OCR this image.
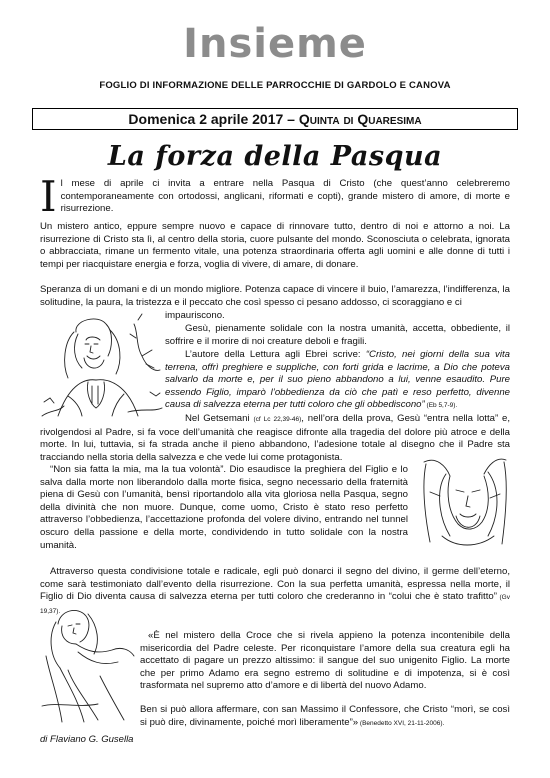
Insieme
FOGLIO DI INFORMAZIONE DELLE PARROCCHIE DI GARDOLO E CANOVA
Domenica 2 aprile 2017 – Quinta di Quaresima
La forza della Pasqua

Il mese di aprile ci invita a entrare nella Pasqua di Cristo (che quest’anno celebreremo contemporaneamente con ortodossi, anglicani, riformati e copti), grande mistero di amore, di morte e risurrezione.

Un mistero antico, eppure sempre nuovo e capace di rinnovare tutto, dentro di noi e attorno a noi. La risurrezione di Cristo sta lì, al centro della storia, cuore pulsante del mondo. Sconosciuta o celebrata, ignorata o abbracciata, rimane un fermento vitale, una potenza straordinaria offerta agli uomini e alle donne di tutti i tempi per riacquistare energia e forza, voglia di vivere, di amare, di donare.

Speranza di un domani e di un mondo migliore. Potenza capace di vincere il buio, l’amarezza, l’indifferenza, la solitudine, la paura, la tristezza e il peccato che così spesso ci pesano addosso, ci scoraggiano e ci

impauriscono.

Gesù, pienamente solidale con la nostra umanità, accetta, obbediente, il soffrire e il morire di noi creature deboli e fragili.

L’autore della Lettura agli Ebrei scrive: “Cristo, nei giorni della sua vita terrena, offrì preghiere e suppliche, con forti grida e lacrime, a Dio che poteva salvarlo da morte e, per il suo pieno abbandono a lui, venne esaudito. Pure essendo Figlio, imparò l’obbedienza da ciò che patì e reso perfetto, divenne causa di salvezza eterna per tutti coloro che gli obbediscono” (Eb 5,7-9).

Nel Getsemani (cf Lc 22,39-46), nell’ora della prova, Gesù “entra nella lotta” e, rivolgendosi al Padre, si fa voce dell’umanità che reagisce difronte alla tragedia del dolore più atroce e della morte. In lui, tuttavia, si fa strada anche il pieno abbandono, l’adesione totale al disegno che il Padre sta tracciando nella storia della salvezza e che vede lui come protagonista.

“Non sia fatta la mia, ma la tua volontà”. Dio esaudisce la preghiera del Figlio e lo salva dalla morte non liberandolo dalla morte fisica, segno necessario della fraternità piena di Gesù con l’umanità, bensì riportandolo alla vita gloriosa nella Pasqua, segno della divinità che non muore. Dunque, come uomo, Cristo è stato reso perfetto attraverso l’obbedienza, l’accettazione profonda del volere divino, entrando nel tunnel oscuro della passione e della morte, condividendo in tutto solidale con la nostra umanità.

Attraverso questa condivisione totale e radicale, egli può donarci il segno del divino, il germe dell’eterno, come sarà testimoniato dall’evento della risurrezione. Con la sua perfetta umanità, espressa nella morte, il Figlio di Dio diventa causa di salvezza eterna per tutti coloro che crederanno in “colui che è stato trafitto” (Gv 19,37).

«È nel mistero della Croce che si rivela appieno la potenza incontenibile della misericordia del Padre celeste. Per riconquistare l’amore della sua creatura egli ha accettato di pagare un prezzo altissimo: il sangue del suo unigenito Figlio. La morte che per primo Adamo era segno estremo di solitudine e di impotenza, si è così trasformata nel supremo atto d’amore e di libertà del nuovo Adamo.

Ben si può allora affermare, con san Massimo il Confessore, che Cristo “morì, se così si può dire, divinamente, poiché morì liberamente”» (Benedetto XVI, 21-11-2006).

di Flaviano G. Gusella
